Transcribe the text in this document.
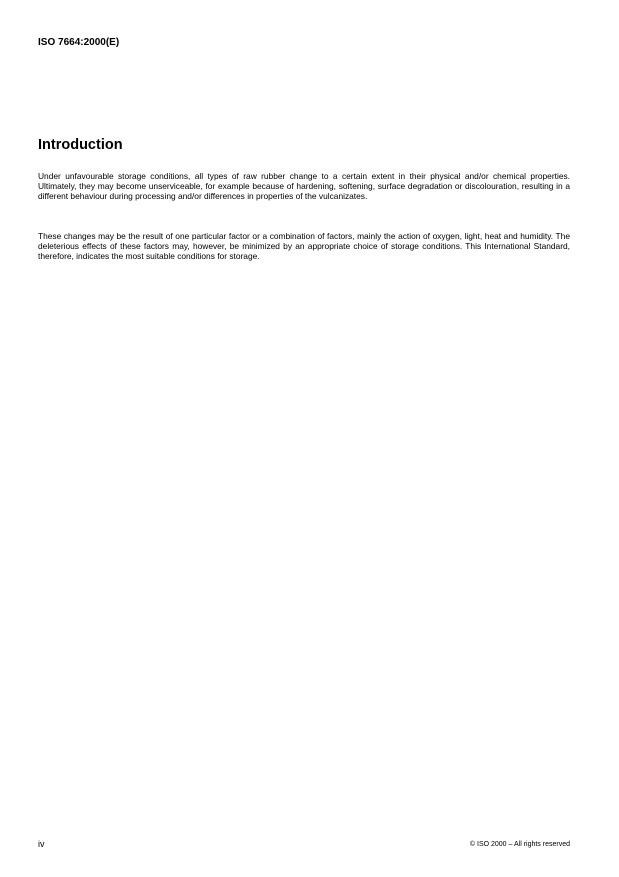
ISO 7664:2000(E)
Introduction

Under unfavourable storage conditions, all types of raw rubber change to a certain extent in their physical and/or chemical properties. Ultimately, they may become unserviceable, for example because of hardening, softening, surface degradation or discolouration, resulting in a different behaviour during processing and/or differences in properties of the vulcanizates.

These changes may be the result of one particular factor or a combination of factors, mainly the action of oxygen, light, heat and humidity. The deleterious effects of these factors may, however, be minimized by an appropriate choice of storage conditions. This International Standard, therefore, indicates the most suitable conditions for storage.

iv	© ISO 2000 – All rights reserved
